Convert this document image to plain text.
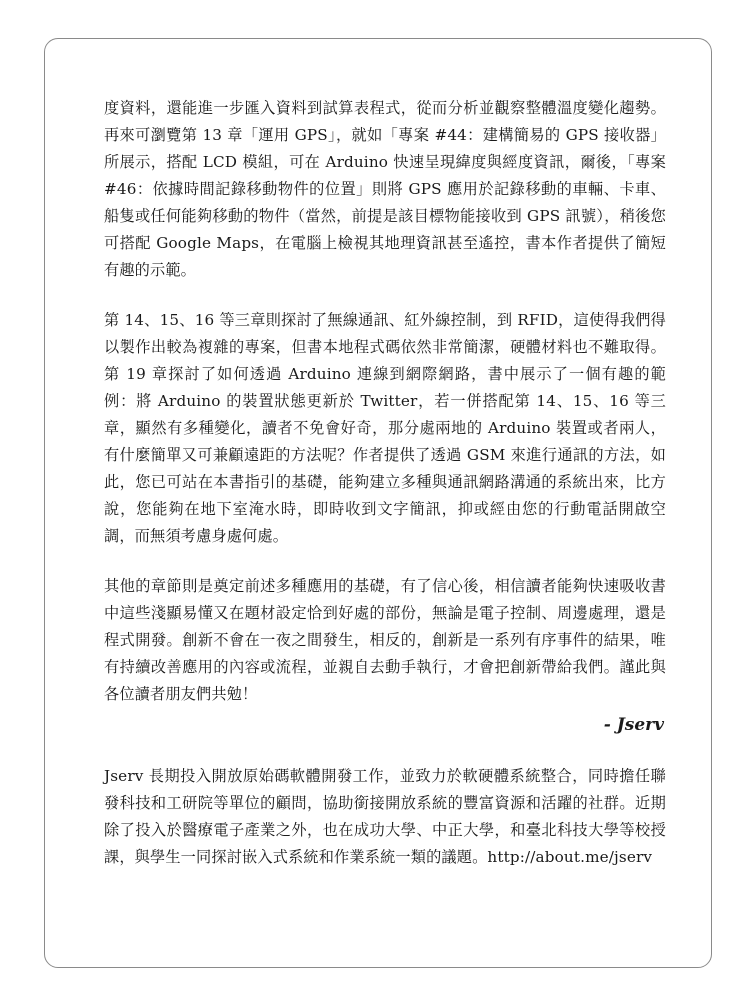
度資料，還能進一步匯入資料到試算表程式，從而分析並觀察整體溫度變化趨勢。再來可瀏覽第 13 章「運用 GPS」，就如「專案 #44：建構簡易的 GPS 接收器」所展示，搭配 LCD 模組，可在 Arduino 快速呈現緯度與經度資訊，爾後，「專案 #46：依據時間記錄移動物件的位置」則將 GPS 應用於記錄移動的車輛、卡車、船隻或任何能夠移動的物件（當然，前提是該目標物能接收到 GPS 訊號），稍後您可搭配 Google Maps，在電腦上檢視其地理資訊甚至遙控，書本作者提供了簡短有趣的示範。

第 14、15、16 等三章則探討了無線通訊、紅外線控制，到 RFID，這使得我們得以製作出較為複雜的專案，但書本地程式碼依然非常簡潔，硬體材料也不難取得。第 19 章探討了如何透過 Arduino 連線到網際網路，書中展示了一個有趣的範例：將 Arduino 的裝置狀態更新於 Twitter，若一併搭配第 14、15、16 等三章，顯然有多種變化，讀者不免會好奇，那分處兩地的 Arduino 裝置或者兩人，有什麼簡單又可兼顧遠距的方法呢？作者提供了透過 GSM 來進行通訊的方法，如此，您已可站在本書指引的基礎，能夠建立多種與通訊網路溝通的系統出來，比方說，您能夠在地下室淹水時，即時收到文字簡訊，抑或經由您的行動電話開啟空調，而無須考慮身處何處。

其他的章節則是奠定前述多種應用的基礎，有了信心後，相信讀者能夠快速吸收書中這些淺顯易懂又在題材設定恰到好處的部份，無論是電子控制、周邊處理，還是程式開發。創新不會在一夜之間發生，相反的，創新是一系列有序事件的結果，唯有持續改善應用的內容或流程，並親自去動手執行，才會把創新帶給我們。謹此與各位讀者朋友們共勉！

- Jserv

Jserv 長期投入開放原始碼軟體開發工作，並致力於軟硬體系統整合，同時擔任聯發科技和工研院等單位的顧問，協助銜接開放系統的豐富資源和活躍的社群。近期除了投入於醫療電子產業之外，也在成功大學、中正大學，和臺北科技大學等校授課，與學生一同探討嵌入式系統和作業系統一類的議題。http://about.me/jserv
